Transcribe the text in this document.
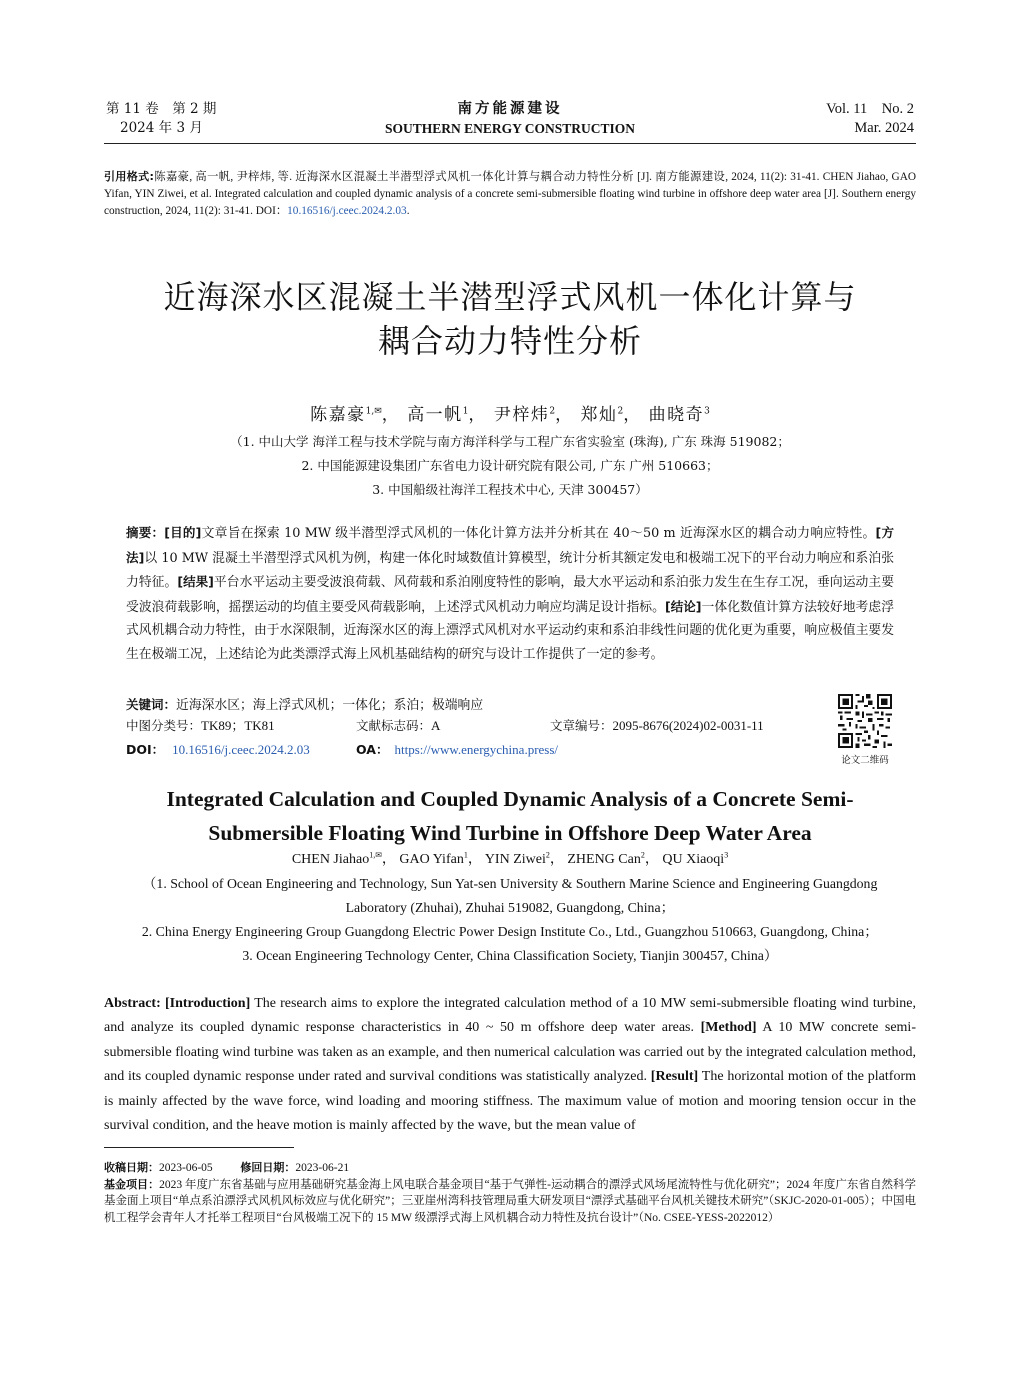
第 11 卷　第 2 期
2024 年 3 月
南方能源建设
SOUTHERN ENERGY CONSTRUCTION
Vol. 11　No. 2
Mar. 2024
引用格式:陈嘉豪, 高一帆, 尹梓炜, 等. 近海深水区混凝土半潜型浮式风机一体化计算与耦合动力特性分析 [J]. 南方能源建设, 2024, 11(2): 31-41. CHEN Jiahao, GAO Yifan, YIN Ziwei, et al. Integrated calculation and coupled dynamic analysis of a concrete semi-submersible floating wind turbine in offshore deep water area [J]. Southern energy construction, 2024, 11(2): 31-41. DOI：10.16516/j.ceec.2024.2.03.
近海深水区混凝土半潜型浮式风机一体化计算与
耦合动力特性分析
陈嘉豪$^{1,✉}$， 高一帆$^1$， 尹梓炜$^2$， 郑灿$^2$， 曲晓奇$^3$
（1. 中山大学 海洋工程与技术学院与南方海洋科学与工程广东省实验室 (珠海), 广东 珠海 519082；
2. 中国能源建设集团广东省电力设计研究院有限公司, 广东 广州 510663；
3. 中国船级社海洋工程技术中心, 天津 300457）
摘要：[目的]文章旨在探索 10 MW 级半潜型浮式风机的一体化计算方法并分析其在 40～50 m 近海深水区的耦合动力响应特性。[方法]以 10 MW 混凝土半潜型浮式风机为例，构建一体化时域数值计算模型，统计分析其额定发电和极端工况下的平台动力响应和系泊张力特征。[结果]平台水平运动主要受波浪荷载、风荷载和系泊刚度特性的影响，最大水平运动和系泊张力发生在生存工况，垂向运动主要受波浪荷载影响，摇摆运动的均值主要受风荷载影响，上述浮式风机动力响应均满足设计指标。[结论]一体化数值计算方法较好地考虑浮式风机耦合动力特性，由于水深限制，近海深水区的海上漂浮式风机对水平运动约束和系泊非线性问题的优化更为重要，响应极值主要发生在极端工况，上述结论为此类漂浮式海上风机基础结构的研究与设计工作提供了一定的参考。
关键词：近海深水区；海上浮式风机；一体化；系泊；极端响应
中图分类号：TK89；TK81	文献标志码：A	文章编号：2095-8676(2024)02-0031-11
DOI： 10.16516/j.ceec.2024.2.03	OA： https://www.energychina.press/
论文二维码
Integrated Calculation and Coupled Dynamic Analysis of a Concrete Semi-
Submersible Floating Wind Turbine in Offshore Deep Water Area
CHEN Jiahao$^{1,✉}$， GAO Yifan$^1$， YIN Ziwei$^2$， ZHENG Can$^2$， QU Xiaoqi$^3$
（1. School of Ocean Engineering and Technology, Sun Yat-sen University & Southern Marine Science and Engineering Guangdong
Laboratory (Zhuhai), Zhuhai 519082, Guangdong, China；
2. China Energy Engineering Group Guangdong Electric Power Design Institute Co., Ltd., Guangzhou 510663, Guangdong, China；
3. Ocean Engineering Technology Center, China Classification Society, Tianjin 300457, China）
Abstract: [Introduction] The research aims to explore the integrated calculation method of a 10 MW semi-submersible floating wind turbine, and analyze its coupled dynamic response characteristics in 40 ~ 50 m offshore deep water areas. [Method] A 10 MW concrete semi-submersible floating wind turbine was taken as an example, and then numerical calculation was carried out by the integrated calculation method, and its coupled dynamic response under rated and survival conditions was statistically analyzed. [Result] The horizontal motion of the platform is mainly affected by the wave force, wind loading and mooring stiffness. The maximum value of motion and mooring tension occur in the survival condition, and the heave motion is mainly affected by the wave, but the mean value of
收稿日期：2023-06-05	修回日期：2023-06-21
基金项目：2023 年度广东省基础与应用基础研究基金海上风电联合基金项目“基于气弹性-运动耦合的漂浮式风场尾流特性与优化研究”；2024 年度广东省自然科学基金面上项目“单点系泊漂浮式风机风标效应与优化研究”；三亚崖州湾科技管理局重大研发项目“漂浮式基础平台风机关键技术研究”（SKJC-2020-01-005）；中国电机工程学会青年人才托举工程项目“台风极端工况下的 15 MW 级漂浮式海上风机耦合动力特性及抗台设计”（No. CSEE-YESS-2022012）
